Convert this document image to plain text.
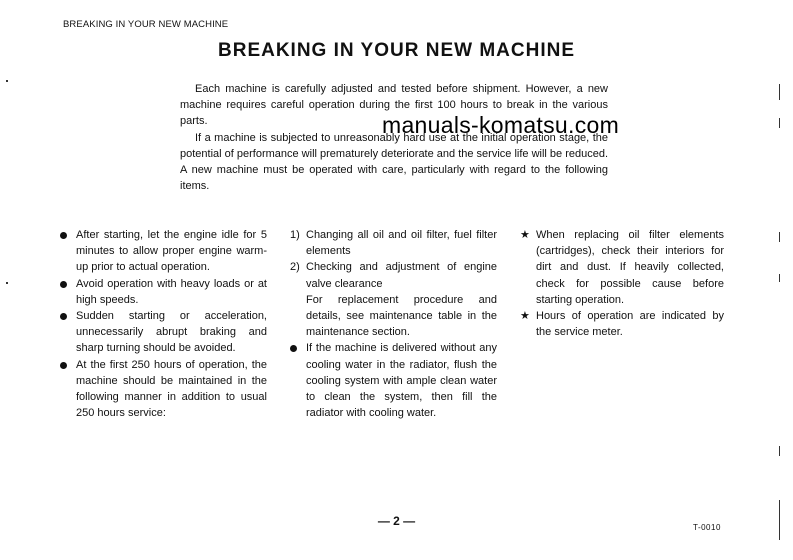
BREAKING IN YOUR NEW MACHINE
BREAKING IN YOUR NEW MACHINE

Each machine is carefully adjusted and tested before shipment. However, a new machine requires careful operation during the first 100 hours to break in the various parts.

If a machine is subjected to unreasonably hard use at the initial operation stage, the potential of performance will prematurely deteriorate and the service life will be reduced. A new machine must be operated with care, particularly with regard to the following items.

manuals-komatsu.com

After starting, let the engine idle for 5 minutes to allow proper engine warm-up prior to actual operation.

Avoid operation with heavy loads or at high speeds.

Sudden starting or acceleration, unnecessarily abrupt braking and sharp turning should be avoided.

At the first 250 hours of operation, the machine should be maintained in the following manner in addition to usual 250 hours service:

1) Changing all oil and oil filter, fuel filter elements

2) Checking and adjustment of engine valve clearance

For replacement procedure and details, see maintenance table in the maintenance section.

If the machine is delivered without any cooling water in the radiator, flush the cooling system with ample clean water to clean the system, then fill the radiator with cooling water.

★ When replacing oil filter elements (cartridges), check their interiors for dirt and dust. If heavily collected, check for possible cause before starting operation.

★ Hours of operation are indicated by the service meter.

— 2 —	T-0010
